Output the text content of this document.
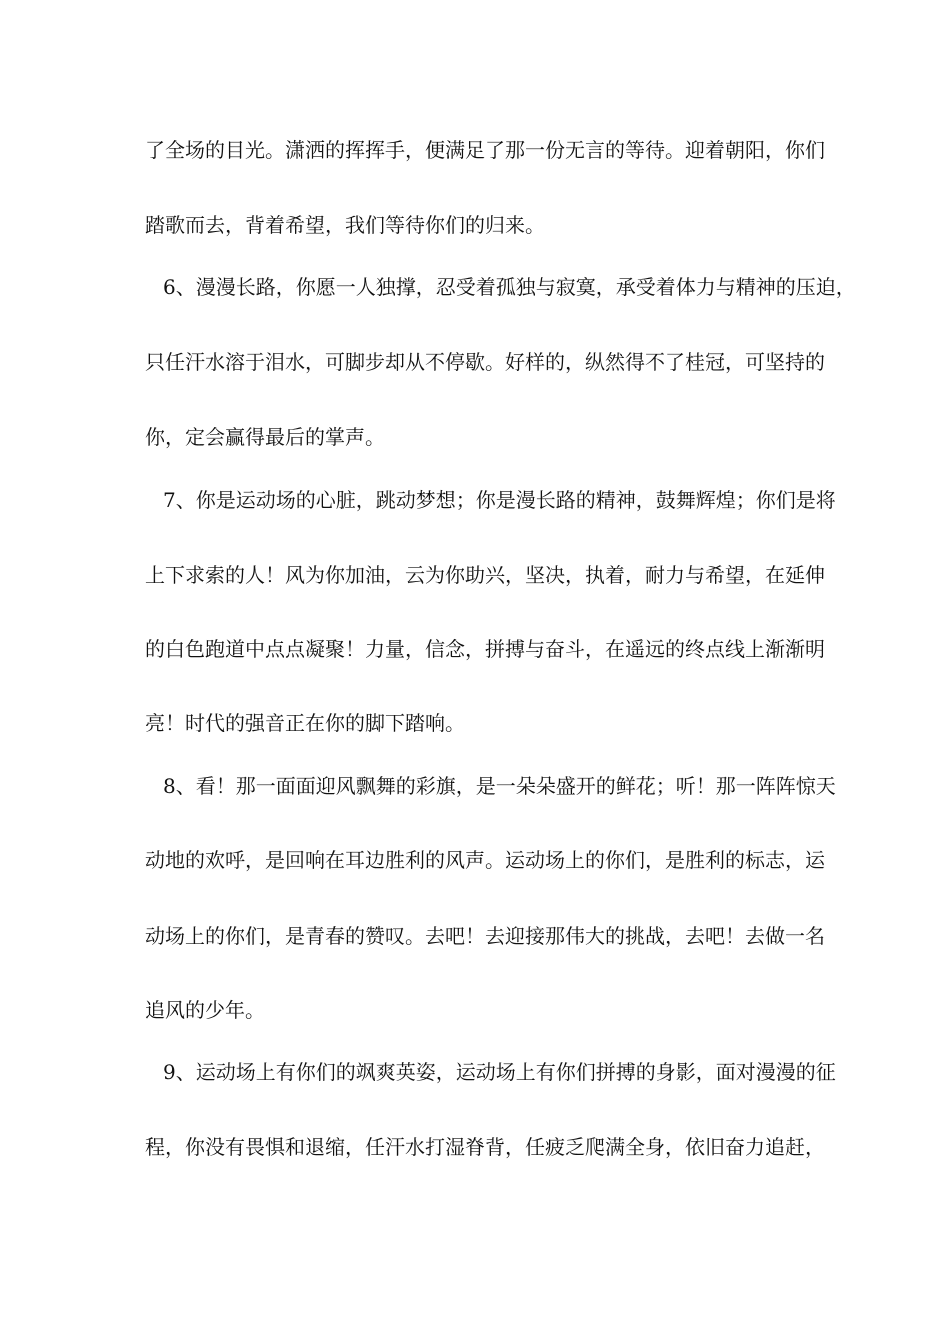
了全场的目光。潇洒的挥挥手，便满足了那一份无言的等待。迎着朝阳，你们
踏歌而去，背着希望，我们等待你们的归来。
6、漫漫长路，你愿一人独撑，忍受着孤独与寂寞，承受着体力与精神的压迫，
只任汗水溶于泪水，可脚步却从不停歇。好样的，纵然得不了桂冠，可坚持的
你，定会赢得最后的掌声。
7、你是运动场的心脏，跳动梦想；你是漫长路的精神，鼓舞辉煌；你们是将
上下求索的人！风为你加油，云为你助兴，坚决，执着，耐力与希望，在延伸
的白色跑道中点点凝聚！力量，信念，拼搏与奋斗，在遥远的终点线上渐渐明
亮！时代的强音正在你的脚下踏响。
8、看！那一面面迎风飘舞的彩旗，是一朵朵盛开的鲜花；听！那一阵阵惊天
动地的欢呼，是回响在耳边胜利的风声。运动场上的你们，是胜利的标志，运
动场上的你们，是青春的赞叹。去吧！去迎接那伟大的挑战，去吧！去做一名
追风的少年。
9、运动场上有你们的飒爽英姿，运动场上有你们拼搏的身影，面对漫漫的征
程，你没有畏惧和退缩，任汗水打湿脊背，任疲乏爬满全身，依旧奋力追赶，
